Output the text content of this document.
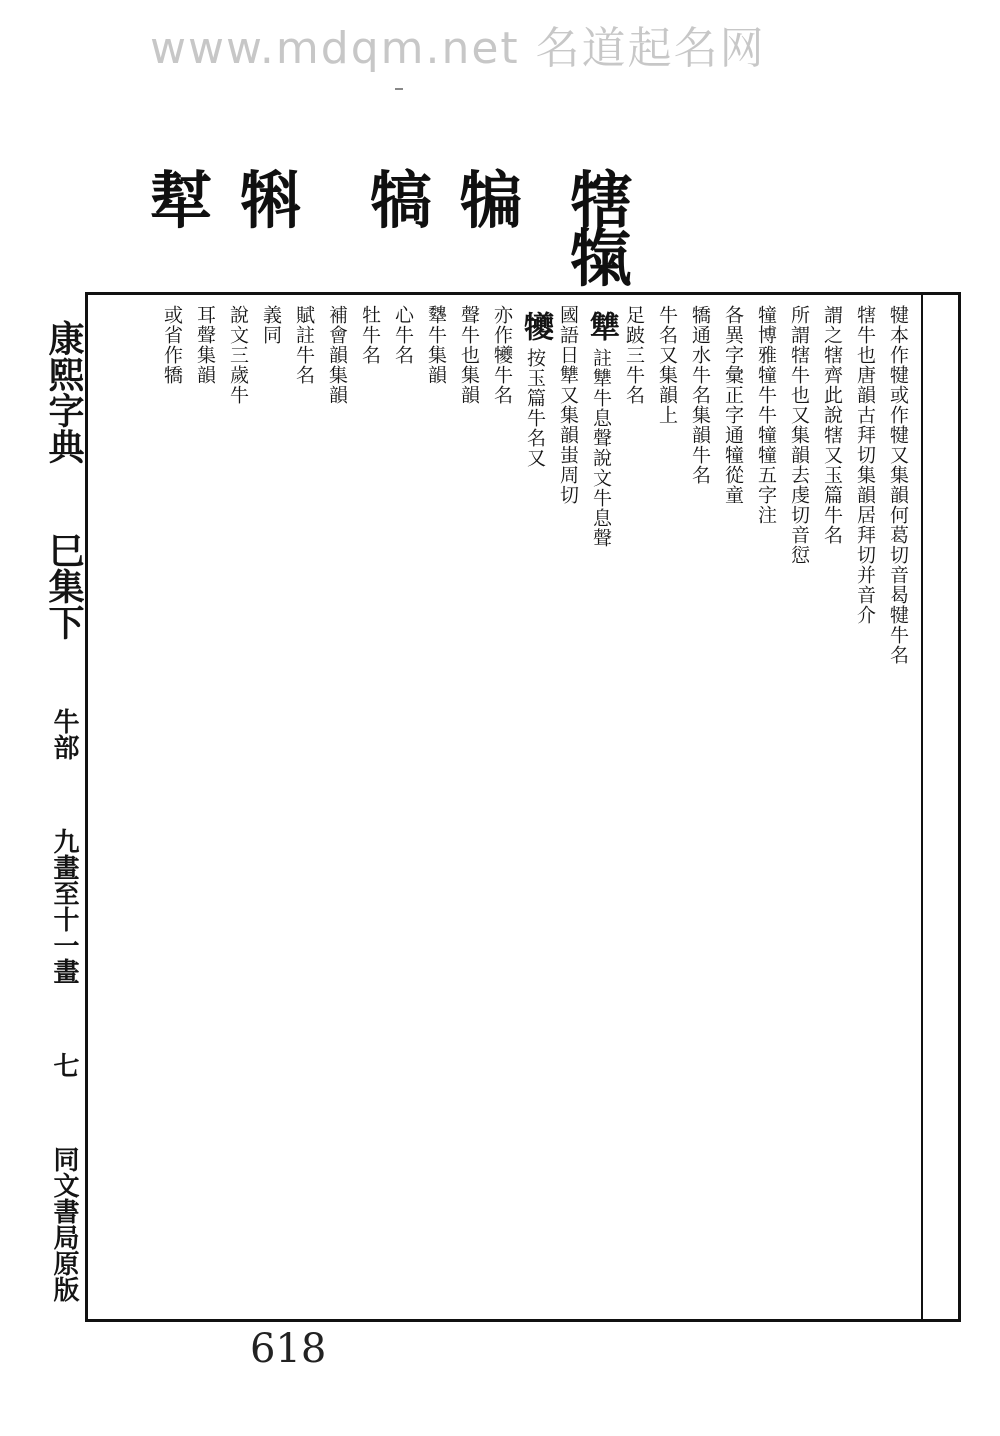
www.mdqm.net 名道起名网
犗
犔
犏
犒
犐
犎
犍本作犍或作犍又集韻何葛切音曷犍牛名
犗牛也唐韻古拜切集韻居拜切并音介
謂之犗齊此說犗又玉篇牛名
所謂犗牛也又集韻去虔切音愆
犝博雅犝牛牛犝犝五字注
各異字彙正字通犝從童
犞通水牛名集韻牛名
牛名又集韻上
足跛三牛名
犨註犨牛息聲說文牛息聲
國語日犨又集韻蚩周切
犪按玉篇牛名又
亦作犪牛名
聲牛也集韻
犩牛集韻
心牛名
牡牛名
補會韻集韻
賦註牛名
義同
說文三歲牛
耳聲集韻
或省作犞
康熙字典 巳集下 牛部 九畫至十一畫 七 同文書局原版
618
